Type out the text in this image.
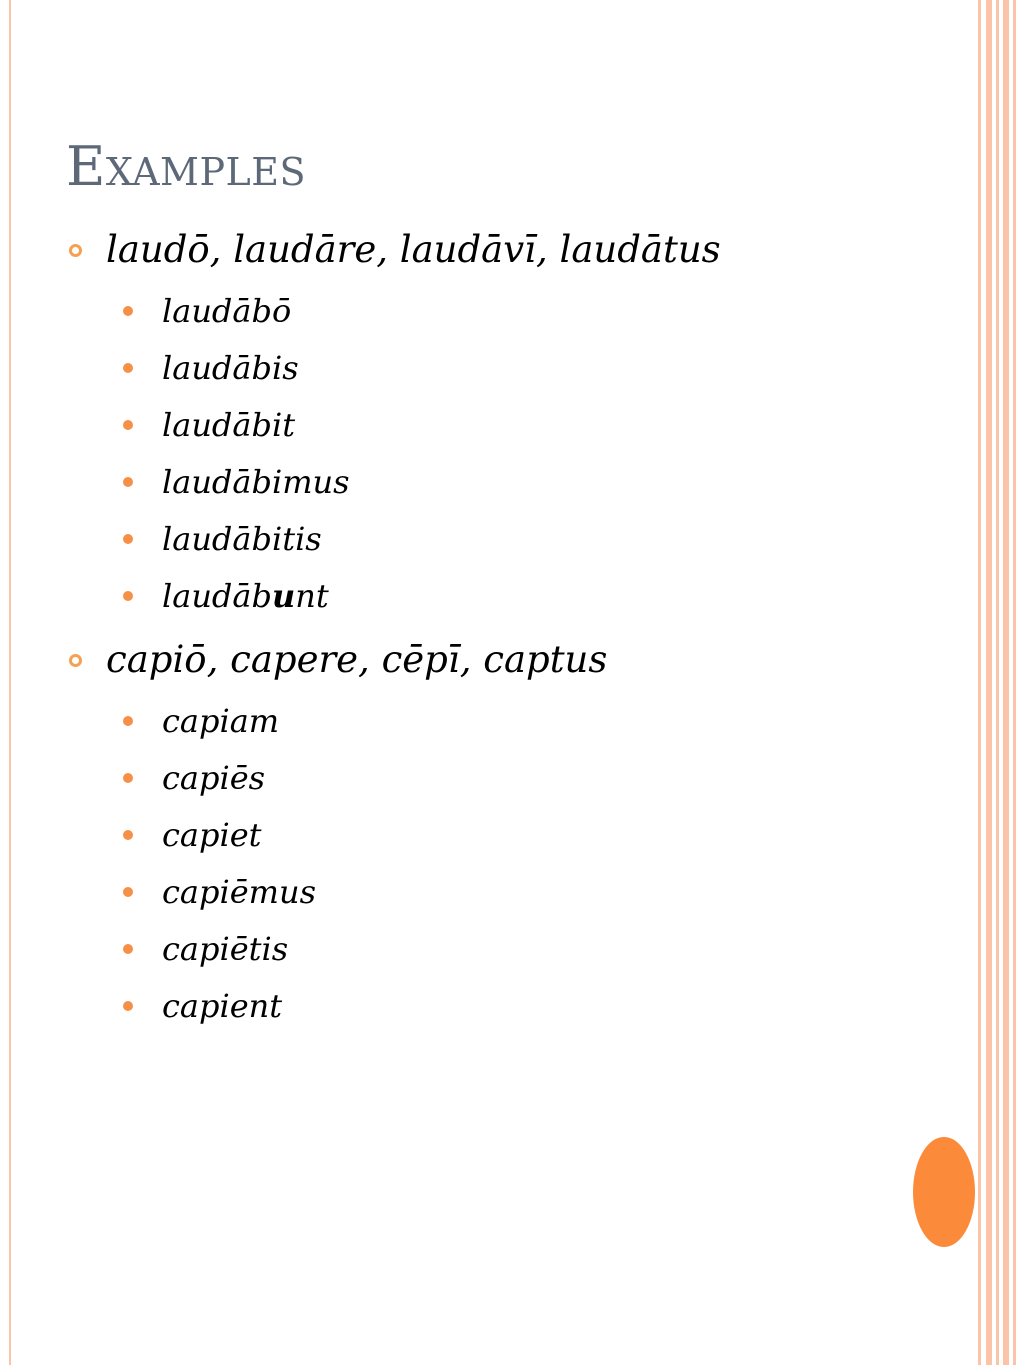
Examples
laudō, laudāre, laudāvī, laudātus
laudābō
laudābis
laudābit
laudābimus
laudābitis
laudābunt
capiō, capere, cēpī, captus
capiam
capiēs
capiet
capiēmus
capiētis
capient
